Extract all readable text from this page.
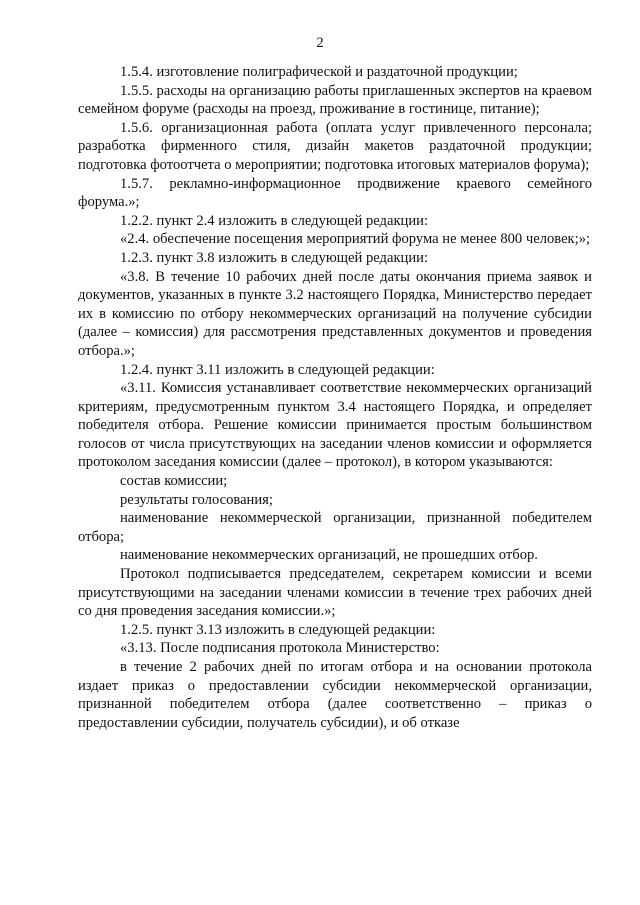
2

1.5.4. изготовление полиграфической и раздаточной продукции;

1.5.5. расходы на организацию работы приглашенных экспертов на краевом семейном форуме (расходы на проезд, проживание в гостинице, питание);

1.5.6. организационная работа (оплата услуг привлеченного персонала; разработка фирменного стиля, дизайн макетов раздаточной продукции; подготовка фотоотчета о мероприятии; подготовка итоговых материалов форума);

1.5.7. рекламно-информационное продвижение краевого семейного форума.»;

1.2.2. пункт 2.4 изложить в следующей редакции:

«2.4. обеспечение посещения мероприятий форума не менее 800 человек;»;

1.2.3. пункт 3.8 изложить в следующей редакции:

«3.8. В течение 10 рабочих дней после даты окончания приема заявок и документов, указанных в пункте 3.2 настоящего Порядка, Министерство передает их в комиссию по отбору некоммерческих организаций на получение субсидии (далее – комиссия) для рассмотрения представленных документов и проведения отбора.»;

1.2.4. пункт 3.11 изложить в следующей редакции:

«3.11. Комиссия устанавливает соответствие некоммерческих организаций критериям, предусмотренным пунктом 3.4 настоящего Порядка, и определяет победителя отбора. Решение комиссии принимается простым большинством голосов от числа присутствующих на заседании членов комиссии и оформляется протоколом заседания комиссии (далее – протокол), в котором указываются:

состав комиссии;

результаты голосования;

наименование некоммерческой организации, признанной победителем отбора;

наименование некоммерческих организаций, не прошедших отбор.

Протокол подписывается председателем, секретарем комиссии и всеми присутствующими на заседании членами комиссии в течение трех рабочих дней со дня проведения заседания комиссии.»;

1.2.5. пункт 3.13 изложить в следующей редакции:

«3.13. После подписания протокола Министерство:

в течение 2 рабочих дней по итогам отбора и на основании протокола издает приказ о предоставлении субсидии некоммерческой организации, признанной победителем отбора (далее соответственно – приказ о предоставлении субсидии, получатель субсидии), и об отказе
